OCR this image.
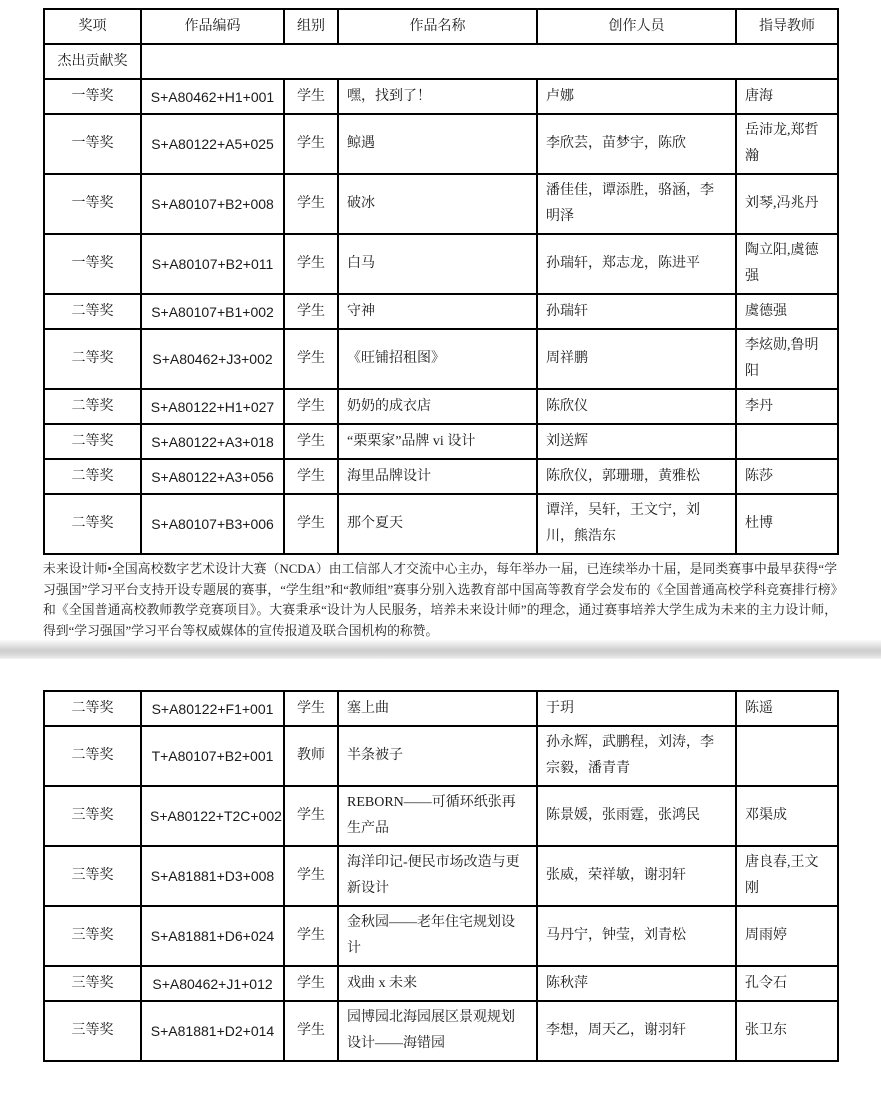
奖项	作品编码	组别	作品名称	创作人员	指导教师
杰出贡献奖					
一等奖	S+A80462+H1+001	学生	嘿，找到了！	卢娜	唐海
一等奖	S+A80122+A5+025	学生	鲸遇	李欣芸，苗梦宇，陈欣	岳沛龙,郑哲瀚
一等奖	S+A80107+B2+008	学生	破冰	潘佳佳，谭添胜，骆涵，李明泽	刘琴,冯兆丹
一等奖	S+A80107+B2+011	学生	白马	孙瑞轩，郑志龙，陈进平	陶立阳,虞德强
二等奖	S+A80107+B1+002	学生	守神	孙瑞轩	虞德强
二等奖	S+A80462+J3+002	学生	《旺铺招租图》	周祥鹏	李炫勋,鲁明阳
二等奖	S+A80122+H1+027	学生	奶奶的成衣店	陈欣仪	李丹
二等奖	S+A80122+A3+018	学生	“栗栗家”品牌 vi 设计	刘送辉	
二等奖	S+A80122+A3+056	学生	海里品牌设计	陈欣仪，郭珊珊，黄雅松	陈莎
二等奖	S+A80107+B3+006	学生	那个夏天	谭洋，吴轩，王文宁，刘川，熊浩东	杜博

未来设计师•全国高校数字艺术设计大赛（NCDA）由工信部人才交流中心主办，每年举办一届，已连续举办十届，是同类赛事中最早获得“学习强国”学习平台支持开设专题展的赛事，“学生组”和“教师组”赛事分别入选教育部中国高等教育学会发布的《全国普通高校学科竞赛排行榜》和《全国普通高校教师教学竞赛项目》。大赛秉承“设计为人民服务，培养未来设计师”的理念，通过赛事培养大学生成为未来的主力设计师，得到“学习强国”学习平台等权威媒体的宣传报道及联合国机构的称赞。

二等奖	S+A80122+F1+001	学生	塞上曲	于玥	陈遥
二等奖	T+A80107+B2+001	教师	半条被子	孙永辉，武鹏程，刘涛，李宗毅，潘青青	
三等奖	S+A80122+T2C+002	学生	REBORN——可循环纸张再生产品	陈景媛，张雨霆，张鸿民	邓渠成
三等奖	S+A81881+D3+008	学生	海洋印记-便民市场改造与更新设计	张威，荣祥敏，谢羽轩	唐良春,王文刚
三等奖	S+A81881+D6+024	学生	金秋园——老年住宅规划设计	马丹宁，钟莹，刘青松	周雨婷
三等奖	S+A80462+J1+012	学生	戏曲 x 未来	陈秋萍	孔令石
三等奖	S+A81881+D2+014	学生	园博园北海园展区景观规划设计——海错园	李想，周天乙，谢羽轩	张卫东
